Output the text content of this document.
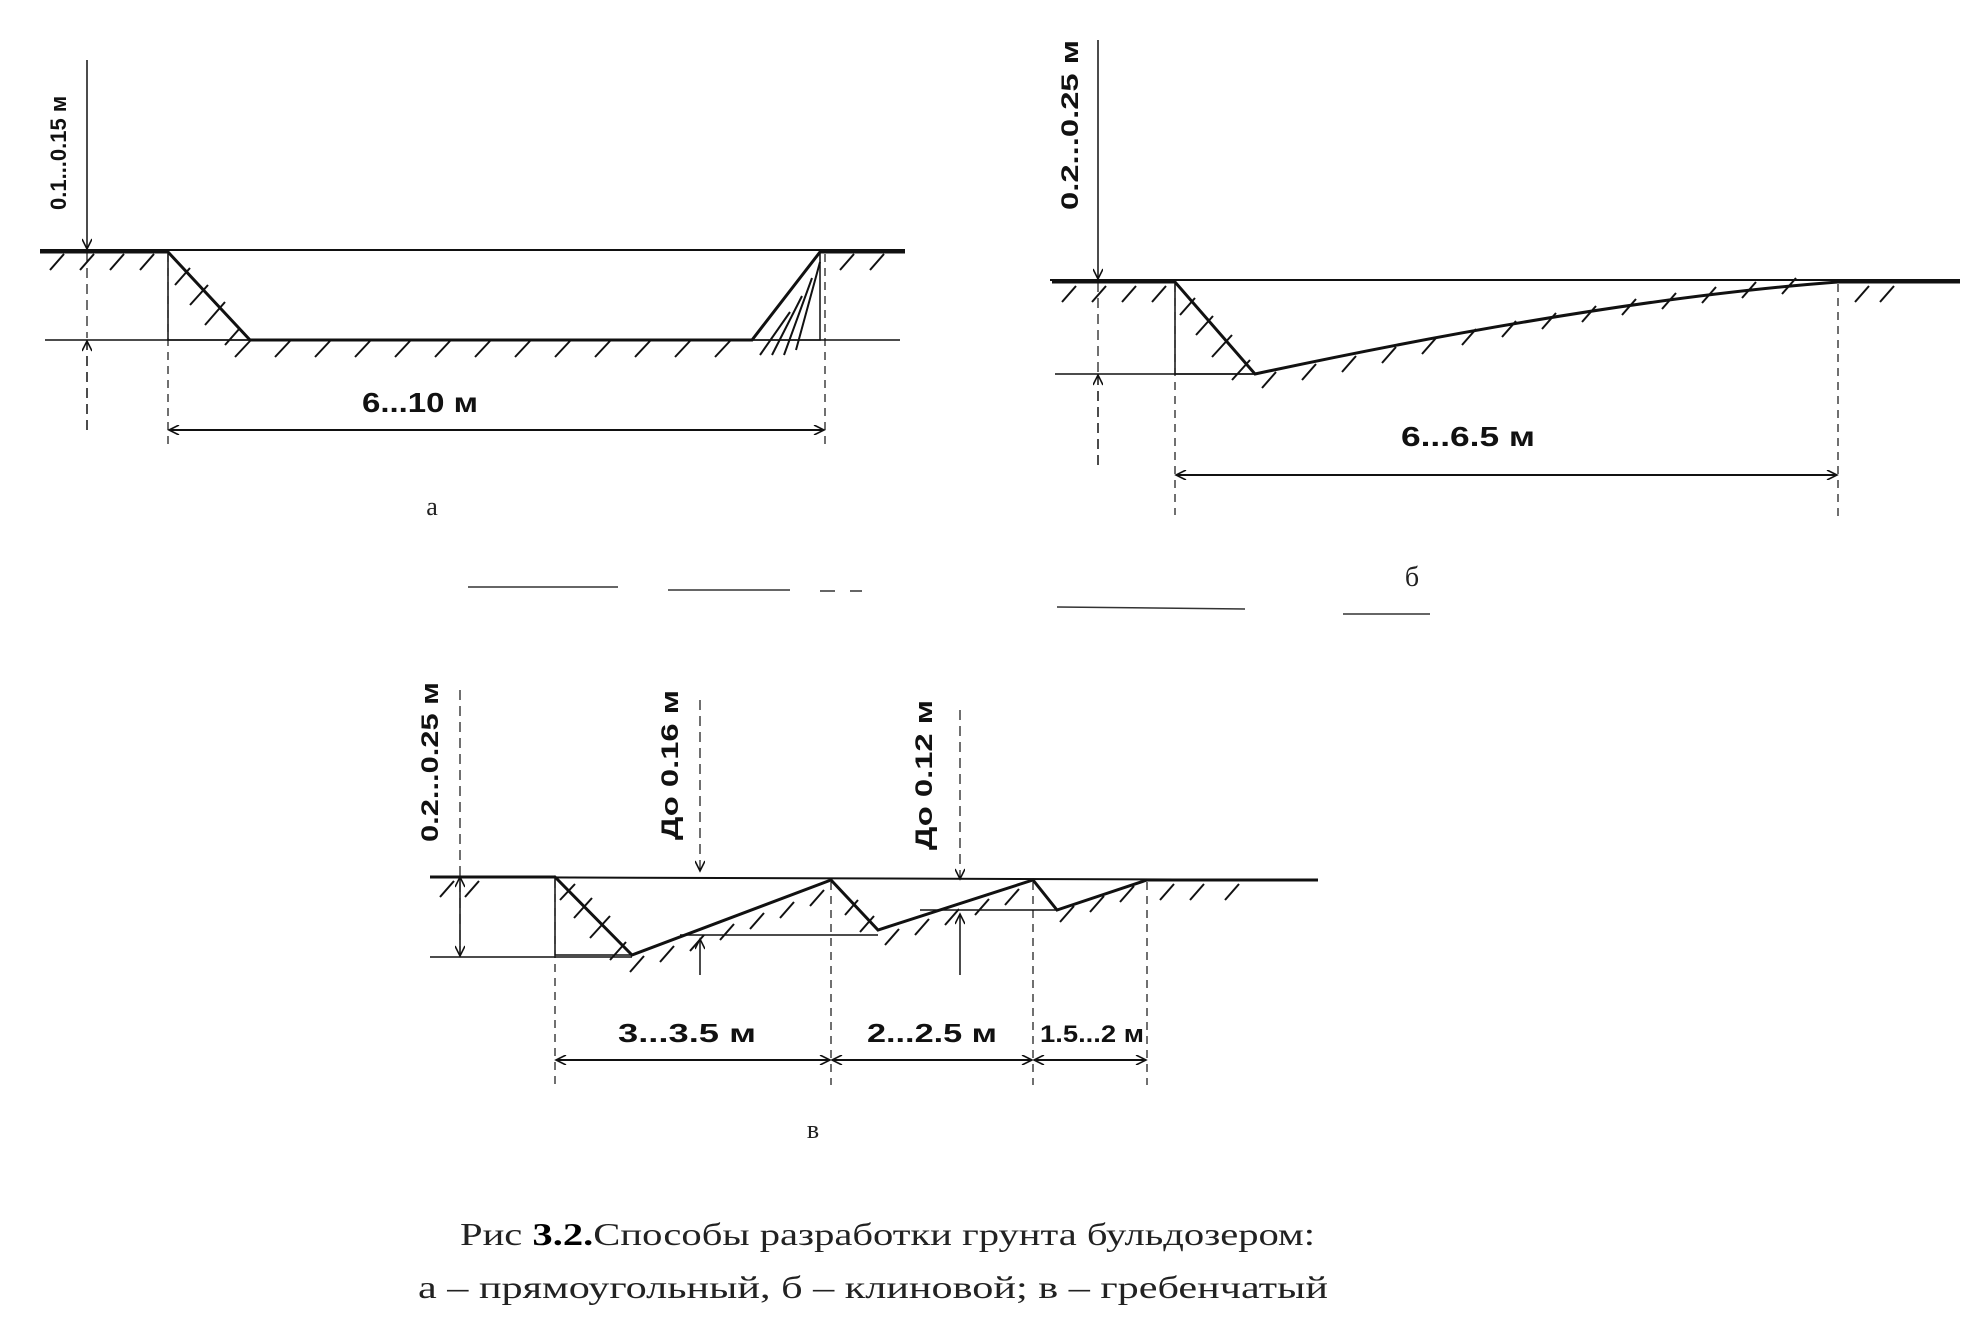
0.1...0.15 м
6...10 м
а
0.2...0.25 м
6...6.5 м
б
0.2...0.25 м	До 0.16 м	До 0.12 м
3...3.5 м	2...2.5 м 1.5...2 м
в
Рис 3.2. Способы разработки грунта бульдозером:
а – прямоугольный, б – клиновой; в – гребенчатый
